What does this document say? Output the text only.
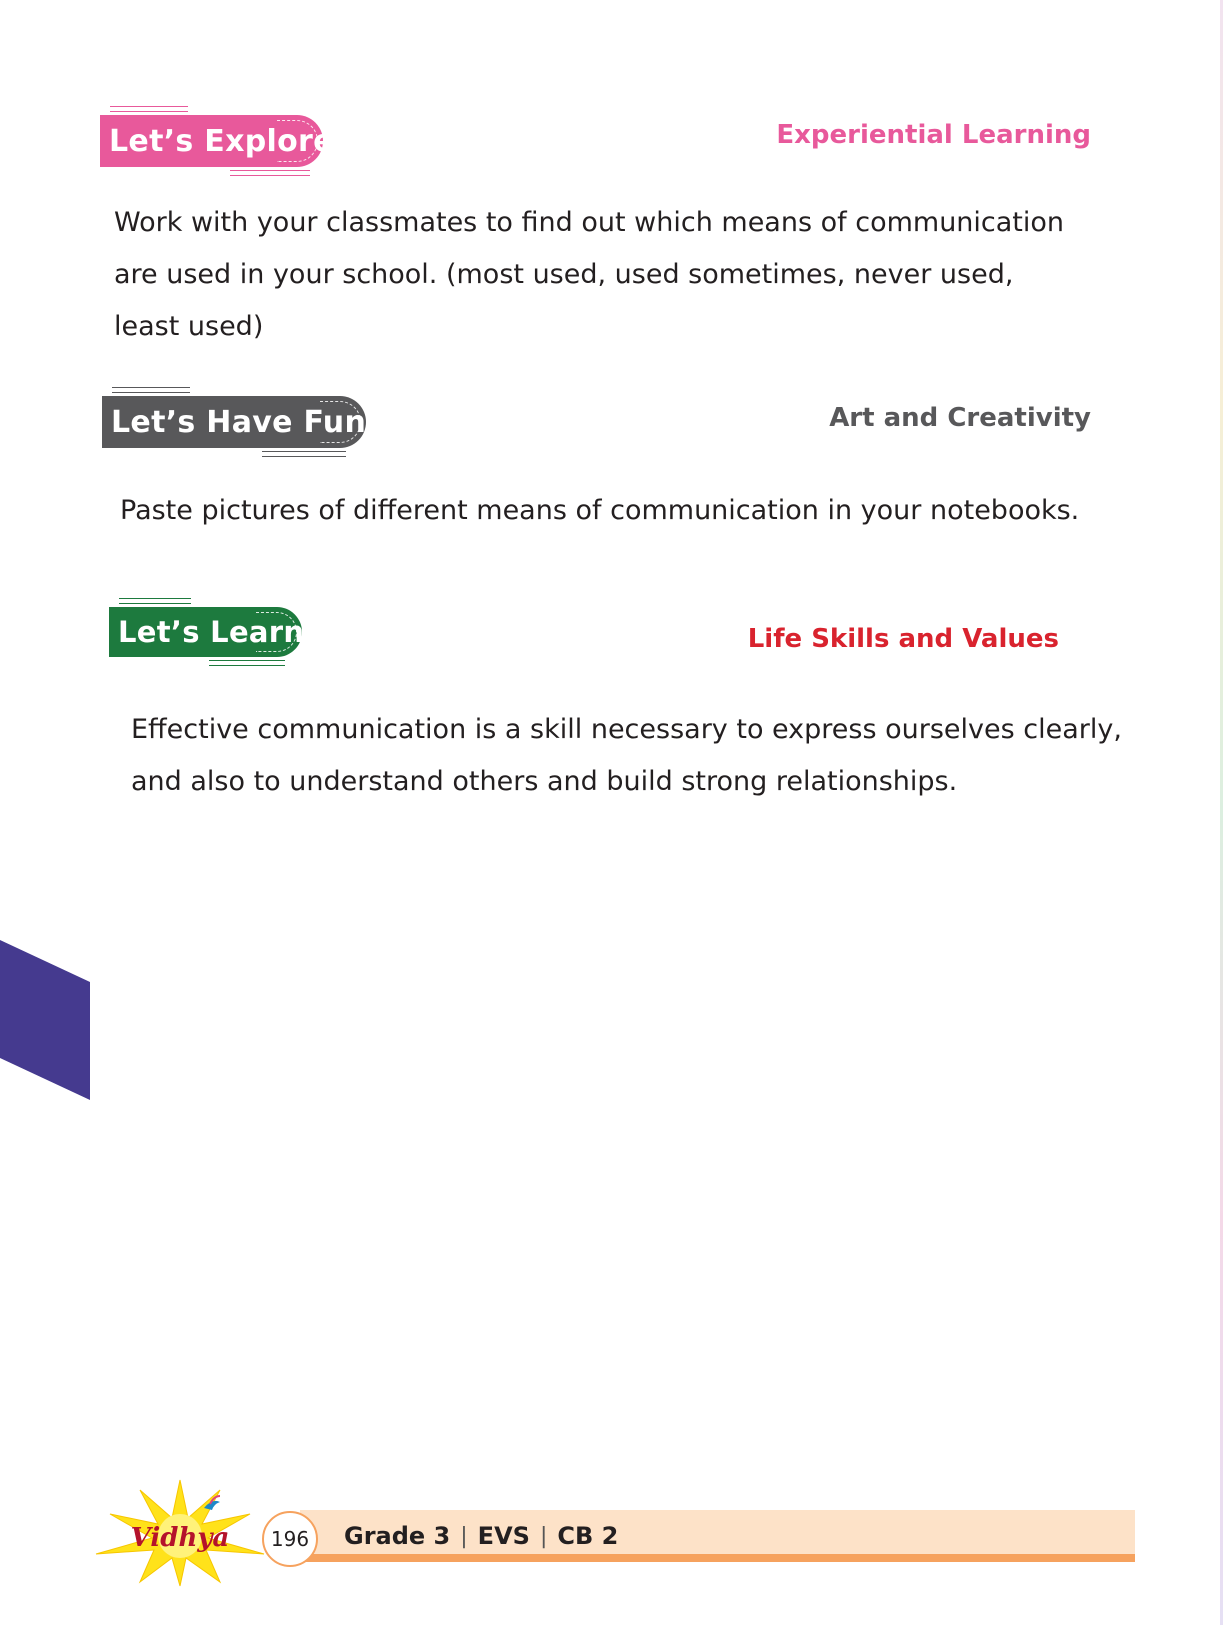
Let’s Explore	Experiential Learning
Work with your classmates to find out which means of communication
are used in your school. (most used, used sometimes, never used,
least used)
Let’s Have Fun	Art and Creativity
Paste pictures of different means of communication in your notebooks.
Let’s Learn	Life Skills and Values
Effective communication is a skill necessary to express ourselves clearly,
and also to understand others and build strong relationships.
Grade 3 | EVS | CB 2
196
Vidhya
